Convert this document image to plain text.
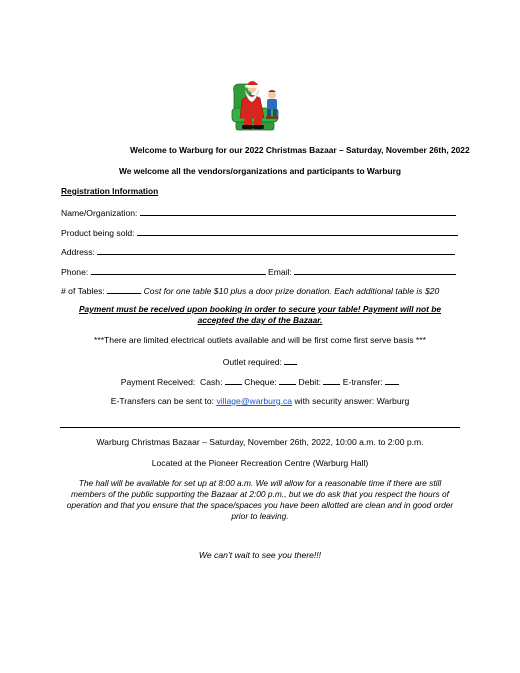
Welcome to Warburg for our 2022 Christmas Bazaar – Saturday, November 26th, 2022
We welcome all the vendors/organizations and participants to Warburg
Registration Information
Name/Organization:
Product being sold:
Address:
Phone:	Email:
# of Tables:	Cost for one table $10 plus a door prize donation. Each additional table is $20
Payment must be received upon booking in order to secure your table! Payment will not be accepted the day of the Bazaar.
***There are limited electrical outlets available and will be first come first serve basis ***
Outlet required:
Payment Received: Cash:	Cheque:	Debit:	E-transfer:
E-Transfers can be sent to: village@warburg.ca with security answer: Warburg
Warburg Christmas Bazaar – Saturday, November 26th, 2022, 10:00 a.m. to 2:00 p.m.
Located at the Pioneer Recreation Centre (Warburg Hall)
The hall will be available for set up at 8:00 a.m. We will allow for a reasonable time if there are still members of the public supporting the Bazaar at 2:00 p.m., but we do ask that you respect the hours of operation and that you ensure that the space/spaces you have been allotted are clean and in good order prior to leaving.
We can’t wait to see you there!!!
